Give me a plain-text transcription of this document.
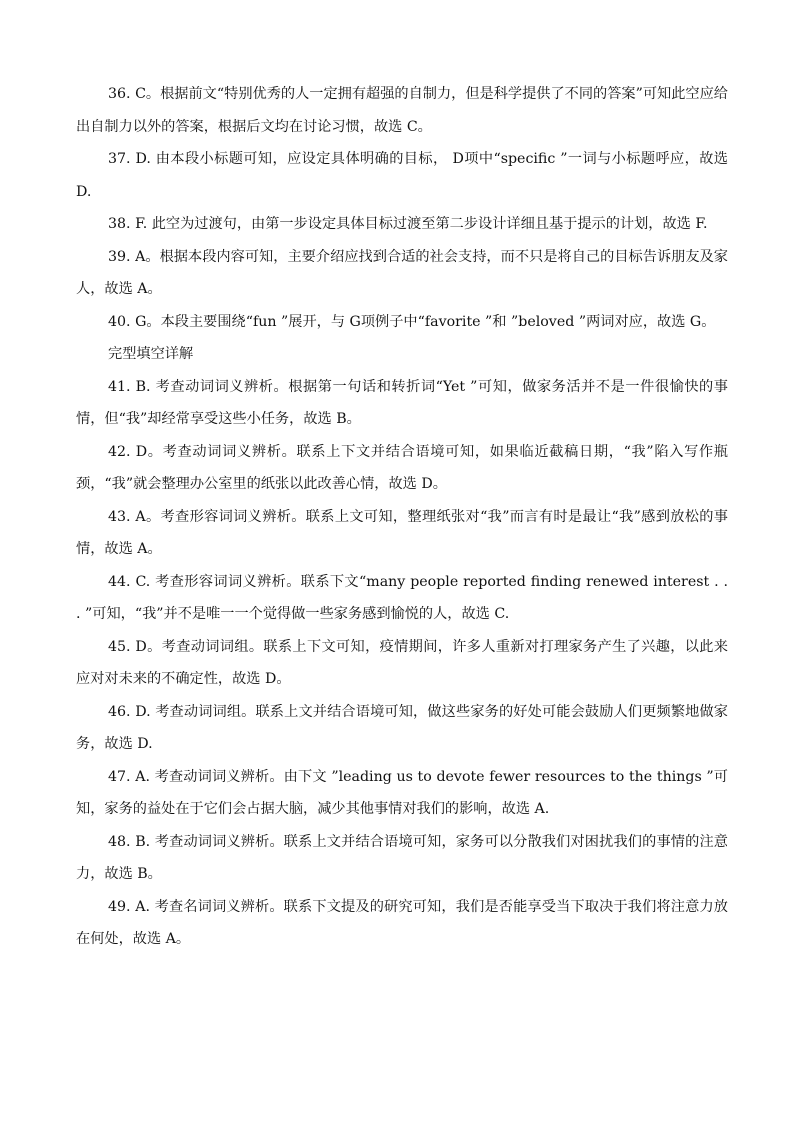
36. C。根据前文“特别优秀的人一定拥有超强的自制力，但是科学提供了不同的答案”可知此空应给出自制力以外的答案，根据后文均在讨论习惯，故选 C。

37. D. 由本段小标题可知，应设定具体明确的目标， D项中“specific ”一词与小标题呼应，故选 D.

38. F. 此空为过渡句，由第一步设定具体目标过渡至第二步设计详细且基于提示的计划，故选 F.

39. A。根据本段内容可知，主要介绍应找到合适的社会支持，而不只是将自己的目标告诉朋友及家人，故选 A。

40. G。本段主要围绕“fun ”展开，与 G项例子中“favorite ”和 ”beloved ”两词对应，故选 G。

完型填空详解

41. B. 考查动词词义辨析。根据第一句话和转折词“Yet ”可知，做家务活并不是一件很愉快的事情，但“我”却经常享受这些小任务，故选 B。

42. D。考查动词词义辨析。联系上下文并结合语境可知，如果临近截稿日期，“我”陷入写作瓶颈，“我”就会整理办公室里的纸张以此改善心情，故选 D。

43. A。考查形容词词义辨析。联系上文可知，整理纸张对“我”而言有时是最让“我”感到放松的事情，故选 A。

44. C. 考查形容词词义辨析。联系下文“many people reported finding renewed interest . . . ”可知，“我”并不是唯一一个觉得做一些家务感到愉悦的人，故选 C.

45. D。考查动词词组。联系上下文可知，疫情期间，许多人重新对打理家务产生了兴趣，以此来应对对未来的不确定性，故选 D。

46. D. 考查动词词组。联系上文并结合语境可知，做这些家务的好处可能会鼓励人们更频繁地做家务，故选 D.

47. A. 考查动词词义辨析。由下文 ”leading us to devote fewer resources to the things ”可知，家务的益处在于它们会占据大脑，减少其他事情对我们的影响，故选 A.

48. B. 考查动词词义辨析。联系上文并结合语境可知，家务可以分散我们对困扰我们的事情的注意力，故选 B。

49. A. 考查名词词义辨析。联系下文提及的研究可知，我们是否能享受当下取决于我们将注意力放在何处，故选 A。
